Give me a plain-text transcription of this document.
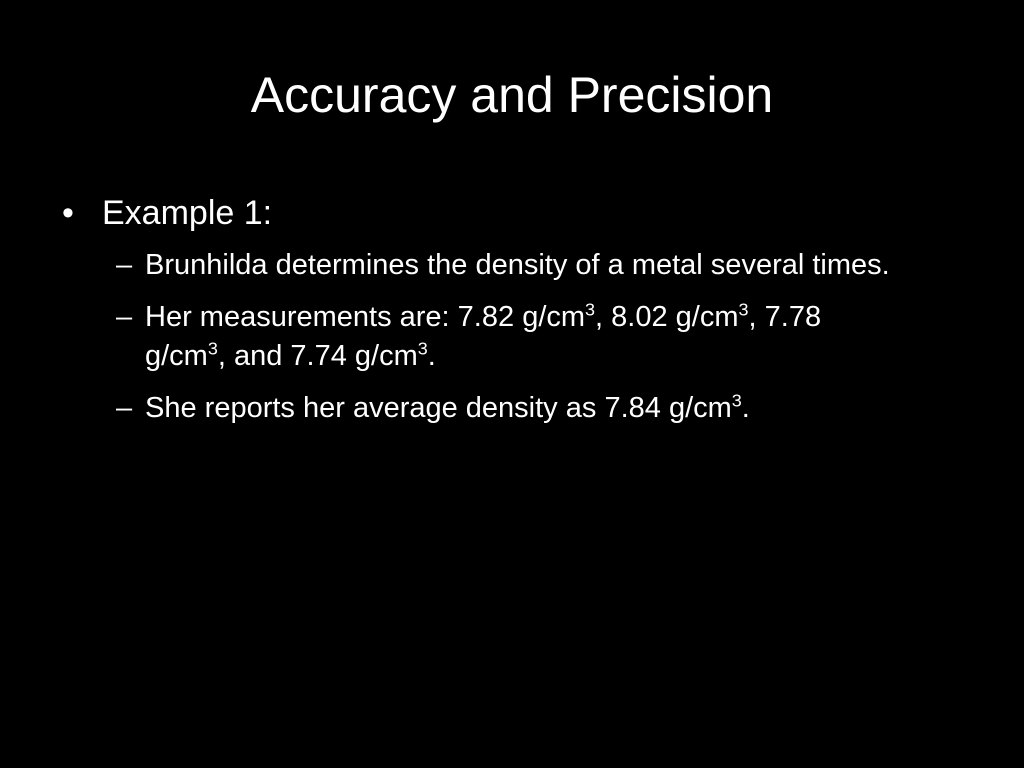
Accuracy and Precision
• Example 1:
– Brunhilda determines the density of a metal several times.
– Her measurements are: 7.82 $g/cm^3$, 8.02 $g/cm^3$, 7.78 $g/cm^3$, and 7.74 $g/cm^3$.
– She reports her average density as 7.84 $g/cm^3$.
